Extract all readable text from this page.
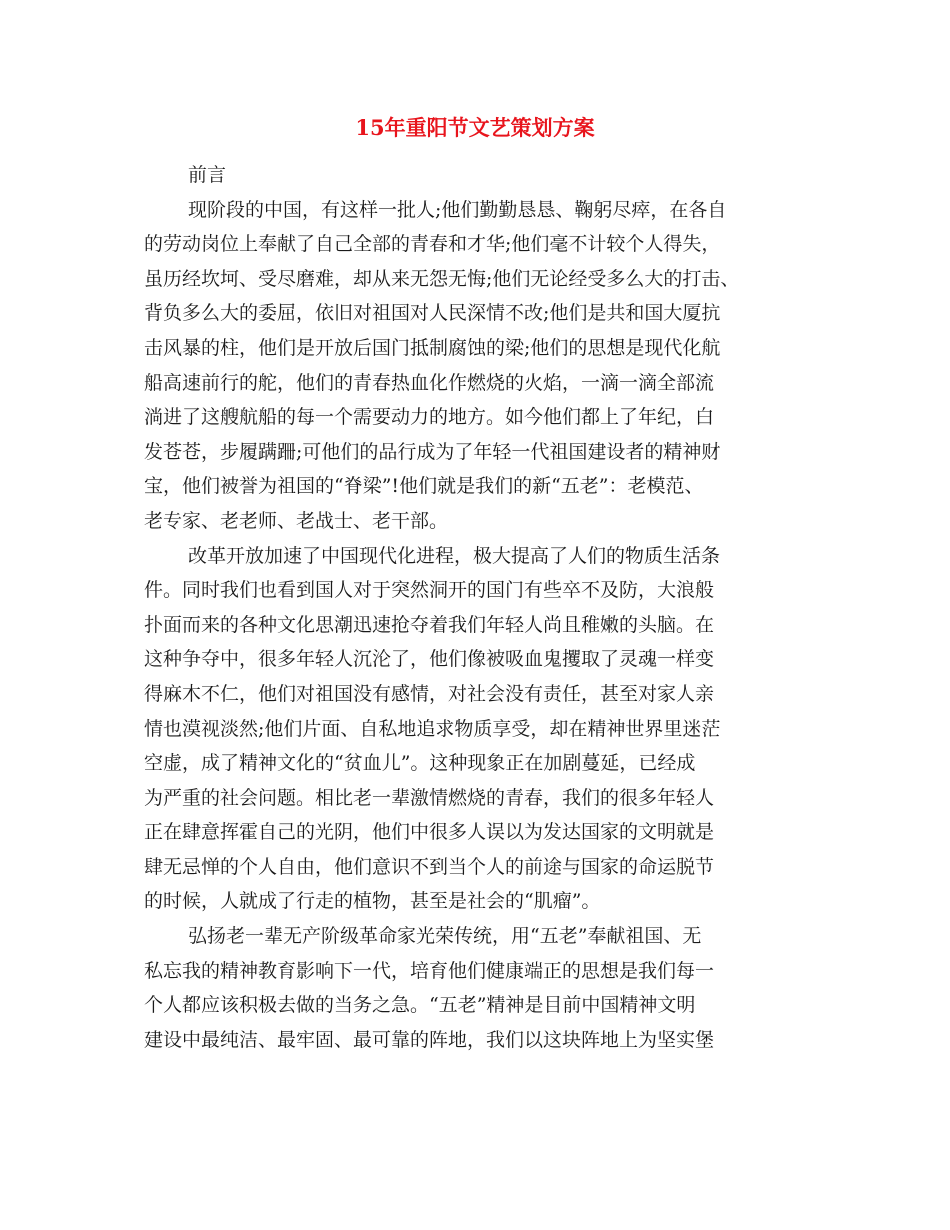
15年重阳节文艺策划方案
前言
现阶段的中国，有这样一批人;他们勤勤恳恳、鞠躬尽瘁，在各自
的劳动岗位上奉献了自己全部的青春和才华;他们毫不计较个人得失，
虽历经坎坷、受尽磨难，却从来无怨无悔;他们无论经受多么大的打击、
背负多么大的委屈，依旧对祖国对人民深情不改;他们是共和国大厦抗
击风暴的柱，他们是开放后国门抵制腐蚀的梁;他们的思想是现代化航
船高速前行的舵，他们的青春热血化作燃烧的火焰，一滴一滴全部流
淌进了这艘航船的每一个需要动力的地方。如今他们都上了年纪，白
发苍苍，步履蹒跚;可他们的品行成为了年轻一代祖国建设者的精神财
宝，他们被誉为祖国的“脊梁”!他们就是我们的新“五老”：老模范、
老专家、老老师、老战士、老干部。
改革开放加速了中国现代化进程，极大提高了人们的物质生活条
件。同时我们也看到国人对于突然洞开的国门有些卒不及防，大浪般
扑面而来的各种文化思潮迅速抢夺着我们年轻人尚且稚嫩的头脑。在
这种争夺中，很多年轻人沉沦了，他们像被吸血鬼攫取了灵魂一样变
得麻木不仁，他们对祖国没有感情，对社会没有责任，甚至对家人亲
情也漠视淡然;他们片面、自私地追求物质享受，却在精神世界里迷茫
空虚，成了精神文化的“贫血儿”。这种现象正在加剧蔓延，已经成
为严重的社会问题。相比老一辈激情燃烧的青春，我们的很多年轻人
正在肆意挥霍自己的光阴，他们中很多人误以为发达国家的文明就是
肆无忌惮的个人自由，他们意识不到当个人的前途与国家的命运脱节
的时候，人就成了行走的植物，甚至是社会的“肌瘤”。
弘扬老一辈无产阶级革命家光荣传统，用“五老”奉献祖国、无
私忘我的精神教育影响下一代，培育他们健康端正的思想是我们每一
个人都应该积极去做的当务之急。“五老”精神是目前中国精神文明
建设中最纯洁、最牢固、最可靠的阵地，我们以这块阵地上为坚实堡
